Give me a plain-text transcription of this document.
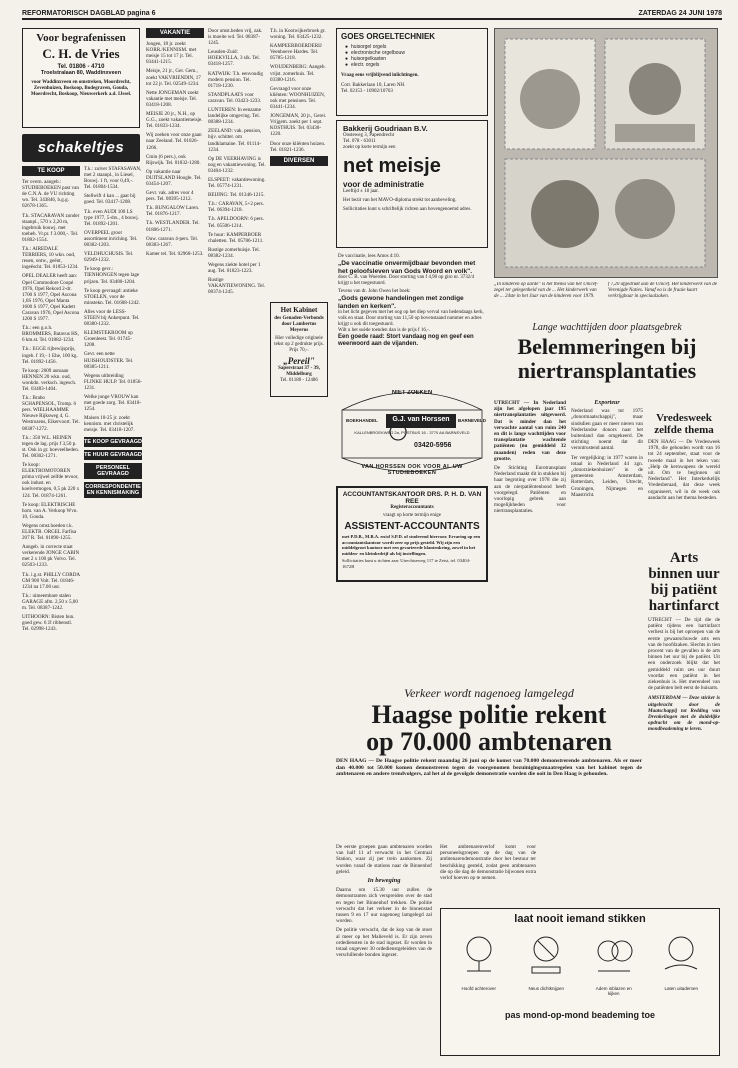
REFORMATORISCH DAGBLAD pagina 6	ZATERDAG 24 JUNI 1978
Voor begrafenissen
C. H. de Vries
Tel. 01806 - 4710
Troelstralaan 80, Waddinxveen
voor Waddinxveen en omstreken, Moordrecht, Zevenhuizen, Boskoop, Bodegraven, Gouda, Moerdrecht, Boskoop, Nieuwerkerk a.d. IJssel.
schakeltjes
TE KOOP

Ter overn. aangeb.: STUDIEBOEKEN past van de C.N.A. de VU richting wo. Tel. 343846, b.g.g. 02678-1365.

T.k. STACARAVAN zonder staanpl., 570 x 2,20 m, ingebruik bouwj. met toebeh. Vr.pr. f 3.000,-. Tel. 01802-1554.

T.k.: AIREDALE TERRIERS, 10 wkn. oud, reuen, ontw., geënt, ingeëscht. Tel. 01853-1234.

OPEL DEALER heeft aan: Opel Commodore Coupé 1976, Opel Rekord 2-dr. 1700 S 1977, Opel Ascona 1,6S 1976, Opel Manta 1600 S 1977, Opel Kadett Caravan 1976, Opel Ascona 1200 S 1977.

T.k.: een g.o.h. BROMMERS, Batavus HS, 6 km.st. Tel. 01882-1234.

T.k.: EGGE rijbewijsprijs, ingeb. f 19,- 1 Ehe, 100 kg. Tel. 01892-1456.

Te koop: 2009 autoaan HENNEN 20 wkn. oud, wonkdn. verksch. ingesch. Tel. 03483-1404.

T.k.: Brabo SCHAPENSOL, Tromp. 6 pers. WIELHAAMME Nieuwe Rijksweg 4, G. Westrozens, Eikervoort. Tel. 08387-1272.

T.k.: 350 W.L. HEINEN tegen de lag. prijs f 3,50 p. st. Ook in gr. hoeveelheden. Tel. 08302-1271.

Te koop: ELEKTROMOTOREN prima vrijwel zelfde tevoor, ook indust. en koelvermogen, 0,5 pk 220 x 124. Tel. 01874-1261.

Te koop: ELEKTRISCHE hom. van A. Verkoop Wvn. 10, Gouda.

Wegens omst.hoeden t.k. ELEKTR. ORGEL Farfisa 207 R. Tel. 01890-1255.

Aangeb. in correcte staat verkerende JONGE CABIN met 2 x 100 pk Volvo. Tel. 02503-1233.

T.k. i.g.st. PHILLY CORDA GM 900 Volt. Tel. 01846-1234 na 17.00 uur.

T.k.: uitneembare stalen GARAGE afm. 2,50 x 5,00 m. Tel. 08387-1242.

UITHOORN: Bisten hun. goed gew. 6 JJ ribbenstl. Tel. 02998-1243.

T.k.: zulver STAFASAVAN, met 2 staanpl., in Liesel, Bouwj. 1 ft, voor 0,49,-. Tel. 01804-1534.

Stellwift 4 kan ... gaat bij goed. Tel. 03417-1208.

T.k. even AUDI 100 LS type 1977, 5-drs., 4 bouwj. Tel. 01892-1201.

OVERPEEL groot assortiment inriching. Tel. 08382-1203.

VELDHUCHUSIS. Tel. 02949-1232.

Te koop gevr.: TIENHONGEN tegen lage prijzen. Tel. 03480-1204.

Te koop gevraagd: antieke STOELEN, voor de minstekn. Tel. 01608-1242.

Alles voor de LESS-STEEN bij Ankerpunt. Tel. 08380-1232.

KLEMSTEKROOM op Groenleest. Tel. 01745-1208.

Gevr. een nette HUISHOUDSTER. Tel. 08385-1211.

Wegens uitbreiding FLINKE HULP. Tel. 01856-1231.

Welke jonge VROUW kan met goede zorg. Tel. 03418-1254.

Maisen 18-25 jr. zoekt kennism. met christelijk meisje. Tel. 03418-1207.

TE KOOP GEVRAAGD
TE HUUR GEVRAAGD
PERSONEEL GEVRAAGD
CORRESPONDENTIE EN KENNISMAKING
VAKANTIE

Jongen, 18 jr. zoekt KORR./KENNISM. met meisje 15 tot 17 jr. Tel. 03441-1215.

Meisje, 21 jr., Ger. Gem., zoekt VAKVRIENDIN, 17 tot 22 jr. Tel. 02549-1234.

Nette JONGEMAN zoekt vakantie met meisje. Tel. 03418-1208.

MEISJE 20 jr., N.H., op G.G., zoekt vakantiemeisje. Tel. 01833-1234.

Wij zoeken voor onze gaan naar Zeeland. Tel. 01826-1266.

Cmin (6 pers.), ook Rijswijk. Tel. 01832-1280.

Op vakantie naar DUITSLAND Hoogle. Tel. 03454-1207.

Gevr. vak. adres voor 4 pers. Tel. 08395-1212.

T.k. BUNGALOW Laren. Tel. 01876-1217.

T.k. WESTLANDER. Tel. 01806-1271.

Ouw. caravan 4-pers. Tel. 08383-1267.

Kamer tel. Tel. 02968-1253.

Door omst.heden vrij, zak. is moeite wd. Tel. 08387-1245.

Leusden-Zuid: HOEKVILLA, 3 slk. Tel. 03418-1257.

KATWIJK: T.h. eenvoudig modern pension. Tel. 01718-1230.

STANDPLAATS voor caravan. Tel. 03423-1233.

LUNTEREN: In eenzame landelijke omgeving. Tel. 08388-1234.

ZEELAND: vak. pension, bijv. schitter. om landklamaine. Tel. 01114-1234.

Op DE VEERHAVING is nog en vakantiewoning. Tel. 03404-1232.

ELSPEET: vakantiewoning. Tel. 05774-1231.

BEIJING: Tel. 01346-1215.

T.h.: CARAVAN, 5+2 pers. Tel. 06394-1218.

T.h. APELDOORN: 6 pers. Tel. 05506-1214.

Te huur: KAMPERBOER chaletten. Tel. 05786-1211.

Rustige zomerhuisje. Tel. 08382-1234.

Wegens ziekte hotel per 1 aug. Tel. 01823-1223.

Rustige VAKANTIEWONING. Tel. 08374-1245.

T.h. in Kootwijkerbroek gr. woning. Tel. 03425-1232.

KAMPEERBOERDERIJ Veenhoeve Hardes. Tel. 05785-1218.

WOUDENBERG: Aangeb. vrijst. zomerhuis. Tel. 03380-1216.

Gevraagd voor onze kliënten: WOONHUIZEN, ook met pensioen. Tel. 03441-1234.

JONGEMAN, 20 jr., Gerei. Vrijgem. zoekt per 1 sept. KOSTHUIS. Tel. 03430-1220.

Door onze kliënten huizen. Tel. 01821-1236.

DIVERSEN
Het Kabinet
des Genaden-Verbonds door Lambertus Meyerus
Hier volledige originele tekst op 2 gedrukte prijs. Prijs 70,-.
„Pereil"
Saperstraat 37 - 39, Middelburg
Tel. 01180 - 12486
GOES ORGELTECHNIEK
● huisorgel orgels
● electronische orgelbouw
● huisorgelkasten
● electr. orgels
Vraag eens vrijblijvend inlichtingen.
Corr. Bakkerlaan 10, Laren NH.
Tel. 02153 - 10902/10763
Bakkerij Goudriaan B.V.
Oosteweg 3, Papendrecht
Tel. 078 - 63011
zoekt op korte termijn een
net meisje
voor de administratie
Leeftijd ± 18 jaar.
Het bezit van het MAVO-diploma strekt tot aanbeveling.
Sollicitaties kunt u schriftelijk richten aan bovengenoemd adres.
De vaccinatie, lees Amos 4:10.
„De vaccinatie onvermijdbaar bevonden met het geloofsleven van Gods Woord en volk".
door C. B. van Woerden. Door storting van f 4,90 op giro nr. 3732/4 krijgt u het toegestuurd.
Tevens van dr. John Owen het boek:
„Gods gewone handelingen met zondige landen en kerken".
in het licht gegeven met het oog op het diep verval van hedendaags kerk, volk en staat. Door storting van 11,50 op bovenstaand nummer en adres krijgt u ook dit toegestuurd.
Wilt u het suède toenden dan is de prijs f 16,-.
Een goede raad: Stort vandaag nog en geef een weerwoord aan de vijanden.
NIET ZOEKEN
G.J. van Horssen
BOEKHANDEL	BARNEVELD
KALLENBROEKWEG 2a, POSTBUS 16 - 3770 AA BARNEVELD
03420-5956
VAN HORSSEN OOK VOOR AL UW STUDIEBOEKEN
ACCOUNTANTSKANTOOR DRS. P. H. D. VAN REE
Registeraccountants
vraagt op korte termijn enige
ASSISTENT-ACCOUNTANTS
met P.D.B., M.B.A. en/of S.P.D. of studerend hiervoor. Ervaring op een accountantskantoor wordt zeer op prijs gesteld. Wij zijn een middelgroot kantoor met een gevarieerde klantenkring, zowel in het midden- en kleinbedrijf als bij instellingen.
Sollicitaties kunt u richten aan: Utrechtseweg 117 te Zeist, tel. 03404-1672B
„In kinderen op aarde" is het thema van het Unicef-zegel ter gelegenheid van de ... Het kinderwerk van de ... 24ste in het Jaar van de kinderen voor 1979.
f 7,20 afgedrukt aan de Unicef. Het kinderwerk van de Verenigde Naties. Vanaf ea is de fraaie kaart verkrijgbaar in speciaalzaken.
Lange wachttijden door plaatsgebrek
Belemmeringen bij niertransplantaties

UTRECHT — In Nederland zijn het afgelopen jaar 195 niertransplantaties uitgevoerd. Dat is minder dan het verwachte aantal van ruim 240 en dit is lange wachttijden voor transplantatie wachtende patiënten (nu gemiddeld 32 maanden) reden van deze grootte.

De Stichting Eurotransplant Nederland maakt dit in stukken bij haar begroting over 1978 die zij aan de nierpatiëntenbond heeft voorgelegd. Patiënten en voorlopig gebrek aan mogelijkheden voor niertransplantaties.

Exporteur

Nederland was tot 1975 „donormaatschappij", maar sindsdien gaan er meer nieren van Nederlandse donors naar het buitenland dan omgekeerd. De stichting noemt dat dit verontrustend aantal.

Ter vergelijking: in 1977 waren in totaal in Nederland 44 zgn. „donorziekenhuizen" in de gemeenten Amsterdam, Rotterdam, Leiden, Utrecht, Groningen, Nijmegen en Maastricht.

Vredesweek zelfde thema
DEN HAAG — De Vredesweek 1978, die gehouden wordt van 16 tot 24 september, staat voor de tweede maal in het teken van: „Help de kernwapens de wereld uit. Om te beginnen uit Nederland". Het Interkerkelijk Vredesberaad, dat deze week organiseert, wil in de week ook aandacht aan het thema besteden.
Arts binnen uur bij patiënt hartinfarct
UTRECHT — De tijd die de patiënt tijdens een hartinfarct verliest is bij het oproepen van de eerste gewaarschuwde arts een van de hoofdzaken. Slechts in tien procent van de gevallen is de arts binnen het uur bij de patiënt. Uit een onderzoek blijkt dat het gemiddeld ruim zes uur duurt voordat een patiënt in het ziekenhuis is. Het merendeel van de patiënten belt eerst de huisarts.
AMSTERDAM — Deze sticker is uitgebracht door de Maatschappij tot Redding van Drenkelingen met de duidelijke opdracht om de mond-op-mondbeademing te leren.
Verkeer wordt nagenoeg lamgelegd
Haagse politie rekent
op 70.000 ambtenaren
DEN HAAG — De Haagse politie rekent maandag 26 juni op de komst van 70.000 demonstrerende ambtenaren. Als er meer dan 40.000 tot 50.000 komen demonstreren tegen de voorgenomen bezuinigingsmaatregelen van het kabinet tegen de ambtenaren en andere trendvolgers, zal het al de gevolgde demonstratie worden die ooit in Den Haag is gehouden.

De eerste groepen gaan ambtenaren worden van half 11 af verwacht in het Centraal Station, waar zij per trein aankomen. Zij worden vanaf de stations naar de Binnenhof geleid.

In beweging

Daarna om 15.30 uur zullen de demonstranten zich verspreiden over de stad en tegen het Binnenhof trekken. De politie verwacht dat het verkeer in de binnenstad tussen 9 en 17 uur nagenoeg lamgelegd zal worden.

De politie verwacht, dat de kop van de stoet al meer op het Malieveld is. Er zijn zeven ordediensten in de stad ingezet. Er worden in totaal ongeveer 30 ordedienstgeleiders van de verschillende bonden ingezet.

Het ambtenarenverlof komt voor personeelsgroepen op de dag van de ambtenarendemonstratie door het bestuur ter beschikking gesteld, zodat geen ambtenaren die op die dag de demonstratie bijwonen extra verlof hoeven op te nemen.

laat nooit iemand stikken
Hoofd achterover	Neus dichtknijpen	Adem inblazen en kijken
Laten uitademen
pas mond-op-mond beademing toe
